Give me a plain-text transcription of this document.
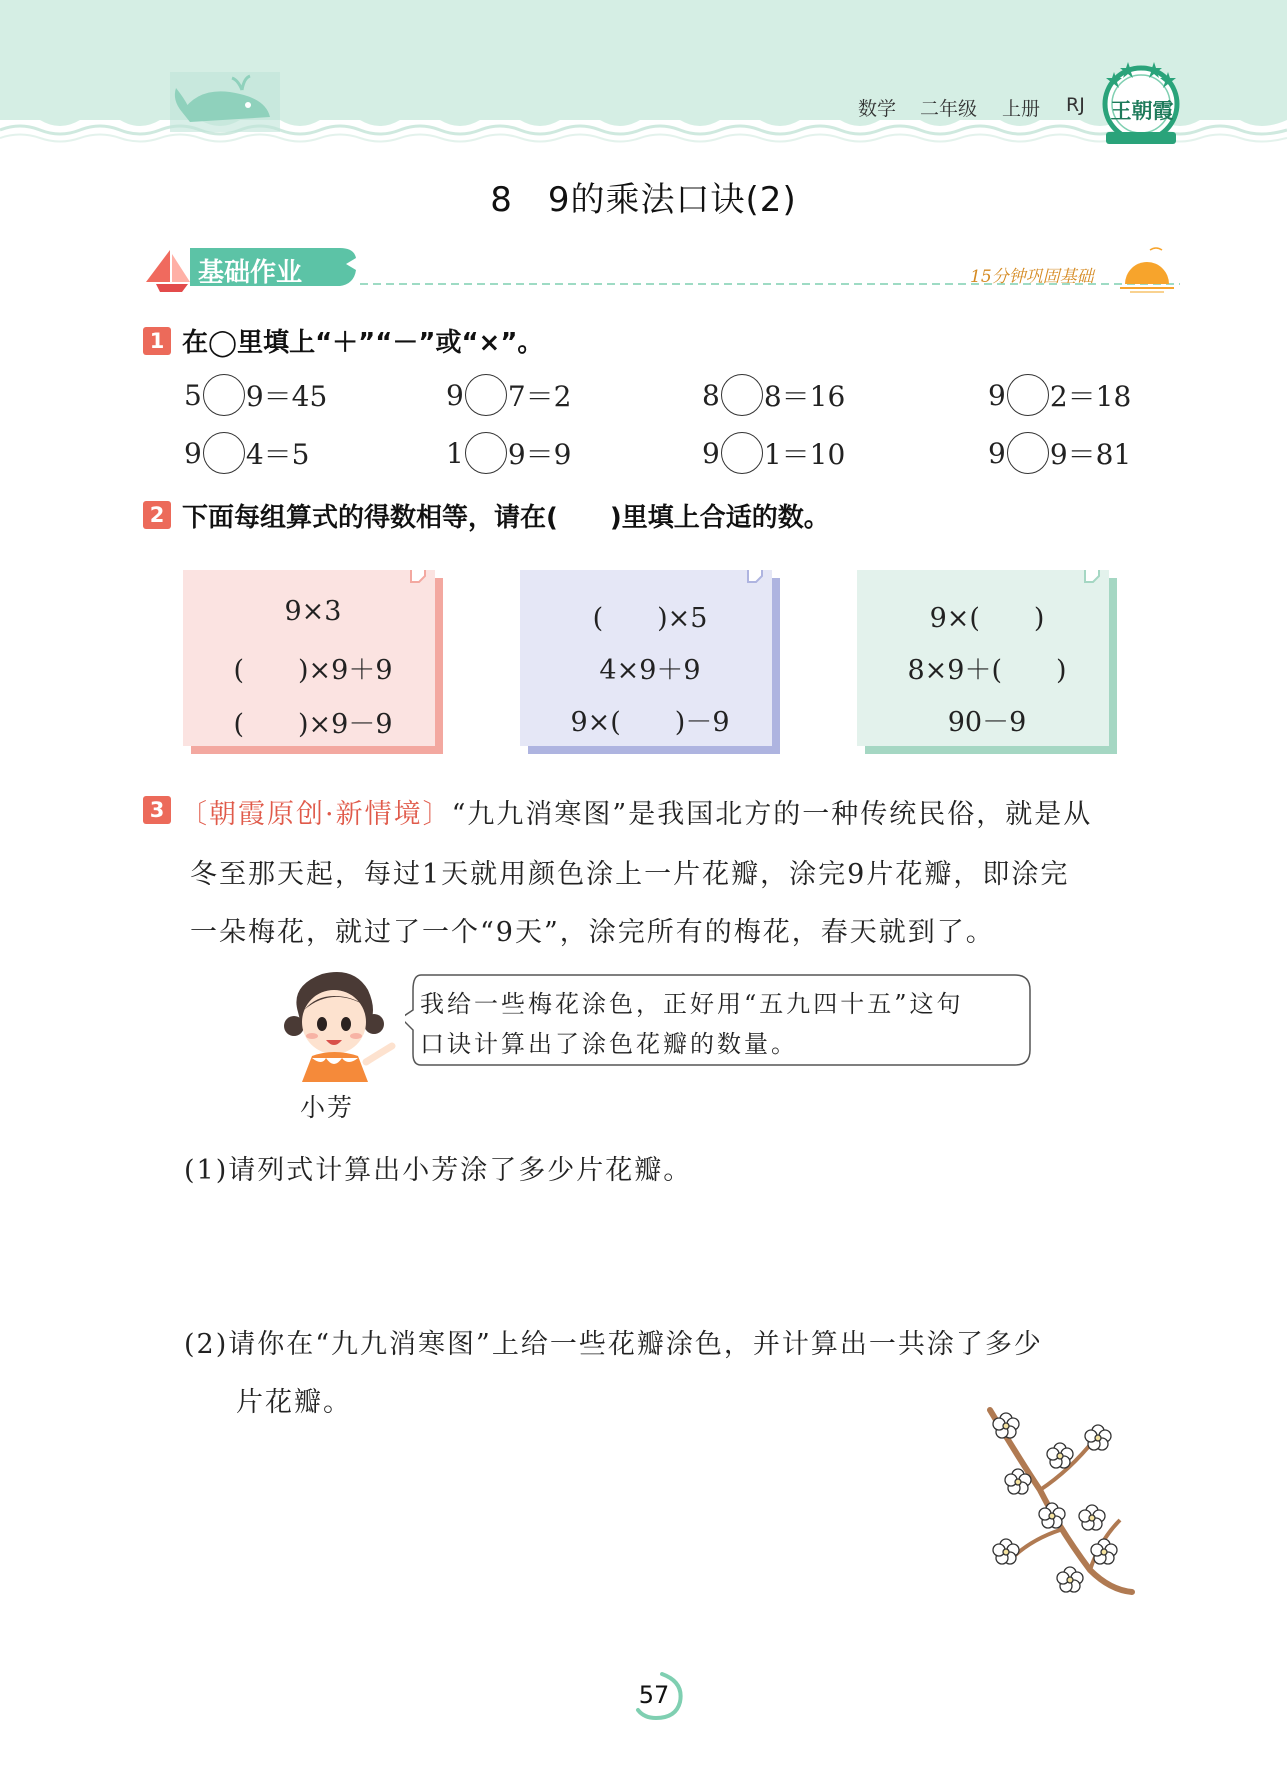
数学 二年级 上册 RJ 王朝霞
8　9的乘法口诀(2)
基础作业	15分钟巩固基础
1 在◯里填上“＋”“－”或“×”。
5 9＝45	9 7＝2	8 8＝16	9 2＝18
9 4＝5	1 9＝9	9 1＝10	9 9＝81
2 下面每组算式的得数相等，请在(　　)里填上合适的数。
9×3
(　　)×9＋9
(　　)×9－9
(　　)×5
4×9＋9
9×(　　)－9
9×(　　)
8×9＋(　　)
90－9
3 〔朝霞原创·新情境〕“九九消寒图”是我国北方的一种传统民俗，就是从
冬至那天起，每过1天就用颜色涂上一片花瓣，涂完9片花瓣，即涂完
一朵梅花，就过了一个“9天”，涂完所有的梅花，春天就到了。
小芳
我给一些梅花涂色，正好用“五九四十五”这句
口诀计算出了涂色花瓣的数量。
(1)请列式计算出小芳涂了多少片花瓣。
(2)请你在“九九消寒图”上给一些花瓣涂色，并计算出一共涂了多少
片花瓣。
57
